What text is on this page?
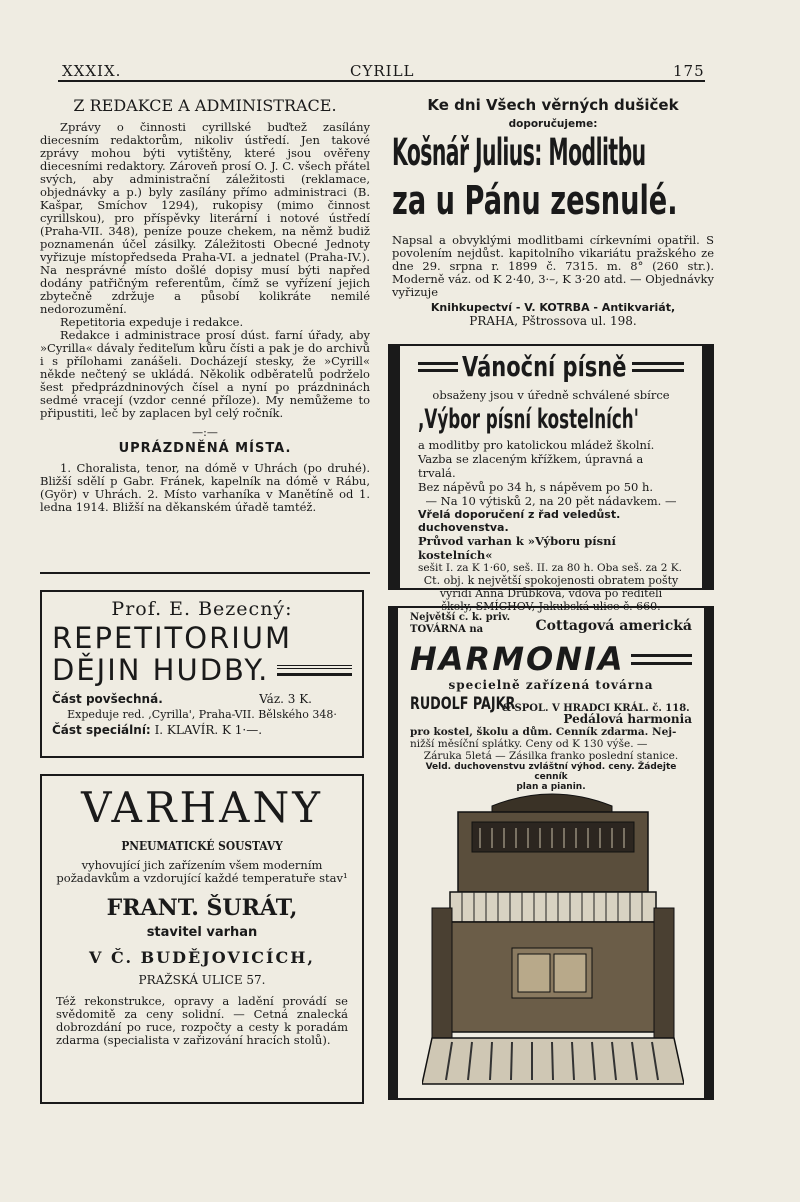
XXXIX.	CYRILL	175
Z REDAKCE A ADMINISTRACE.

Zprávy o činnosti cyrillské buďtež zasílány diecesním redaktorům, nikoliv ústředí. Jen takové zprávy mohou býti vytištěny, které jsou ověřeny diecesními redaktory. Zároveň prosí O. J. C. všech přátel svých, aby administrační záležitosti (reklamace, objednávky a p.) byly zasílány přímo administraci (B. Kašpar, Smíchov 1294), rukopisy (mimo činnost cyrillskou), pro příspěvky literární i notové ústředí (Praha-VII. 348), peníze pouze chekem, na němž budiž poznamenán účel zásilky. Záležitosti Obecné Jednoty vyřizuje místopředseda Praha-VI. a jednatel (Praha-IV.). Na nesprávné místo došlé dopisy musí býti napřed dodány patřičným referentům, čímž se vyřízení jejich zbytečně zdržuje a působí kolikráte nemilé nedorozumění.

Repetitoria expeduje i redakce.

Redakce i administrace prosí dúst. farní úřady, aby »Cyrilla« dávaly řediteľum kůru čísti a pak je do archivů i s přílohami zanášeli. Docházejí stesky, že »Cyrill« někde nečtený se ukládá. Několik odběratelů podrželo šest předprázdninových čísel a nyní po prázdninách sedmé vracejí (vzdor cenné příloze). My nemůžeme to připustiti, leč by zaplacen byl celý ročník.

—:—
UPRÁZDNĚNÁ MÍSTA.
1. Choralista, tenor, na dómě v Uhrách (po druhé). Bližší sdělí p Gabr. Fránek, kapelník na dómě v Rábu, (Györ) v Uhrách. 2. Místo varhaníka v Manětíně od 1. ledna 1914. Bližší na děkanském úřadě tamtéž.
Prof. E. Bezecný:
REPETITORIUM
DĚJIN HUDBY.
Část povšechná.	Váz. 3 K.
Expeduje red. ,Cyrilla', Praha-VII. Bělského 348·
Část speciální: I. KLAVÍR. K 1·—.
VARHANY
PNEUMATICKÉ SOUSTAVY
vyhovující jich zařízením všem moderním požadavkům a vzdorující každé temperatuře stav¹
FRANT. ŠURÁT,
stavitel varhan
V Č. BUDĚJOVICÍCH,
PRAŽSKÁ ULICE 57.
Též rekonstrukce, opravy a ladění provádí se svědomitě za ceny solidní. — Cetná znalecká dobrozdání po ruce, rozpočty a cesty k poradám zdarma (specialista v zařizování hracích stolů).
Ke dni Všech věrných dušiček
doporučujeme:
Košnář Julius: Modlitbu za u Pánu zesnulé.
Napsal a obvyklými modlitbami církevními opatřil. S povolením nejdůst. kapitolního vikariátu pražského ze dne 29. srpna r. 1899 č. 7315. m. 8° (260 str.). Moderně váz. od K 2·40, 3·–, K 3·20 atd. — Objednávky vyřizuje
Knihkupectví - V. KOTRBA - Antikvariát,
PRAHA, Pštrossova ul. 198.
Vánoční písně
obsaženy jsou v úředně schválené sbírce
,Výbor písní kostelních'
a modlitby pro katolickou mládež školní.
Vazba se zlaceným křížkem, úpravná a trvalá.
Bez nápěvů po 34 h, s nápěvem po 50 h.
— Na 10 výtisků 2, na 20 pět nádavkem. —
Vřelá doporučení z řad veledůst. duchovenstva.
Průvod varhan k »Výboru písní kostelních«
sešit I. za K 1·60, seš. II. za 80 h. Oba seš. za 2 K.
Ct. obj. k největší spokojenosti obratem pošty
vyřídí Anna Drůbková, vdova po řediteli
školy, SMÍCHOV, Jakubská ulice č. 660.
Největší c. k. priv. TOVÁRNA na	Cottagová americká
HARMONIA
specielně zařízená továrna
RUDOLF PAJKR
& SPOL. V HRADCI KRÁL. č. 118.
Pedálová harmonia
pro kostel, školu a dům. Cenník zdarma. Nej-
nižší měsíční splátky. Ceny od K 130 výše. —
Záruka 5letá — Zásilka franko poslední stanice.
Veld. duchovenstvu zvláštní výhod. ceny. Žádejte cenník
plan a pianin.
